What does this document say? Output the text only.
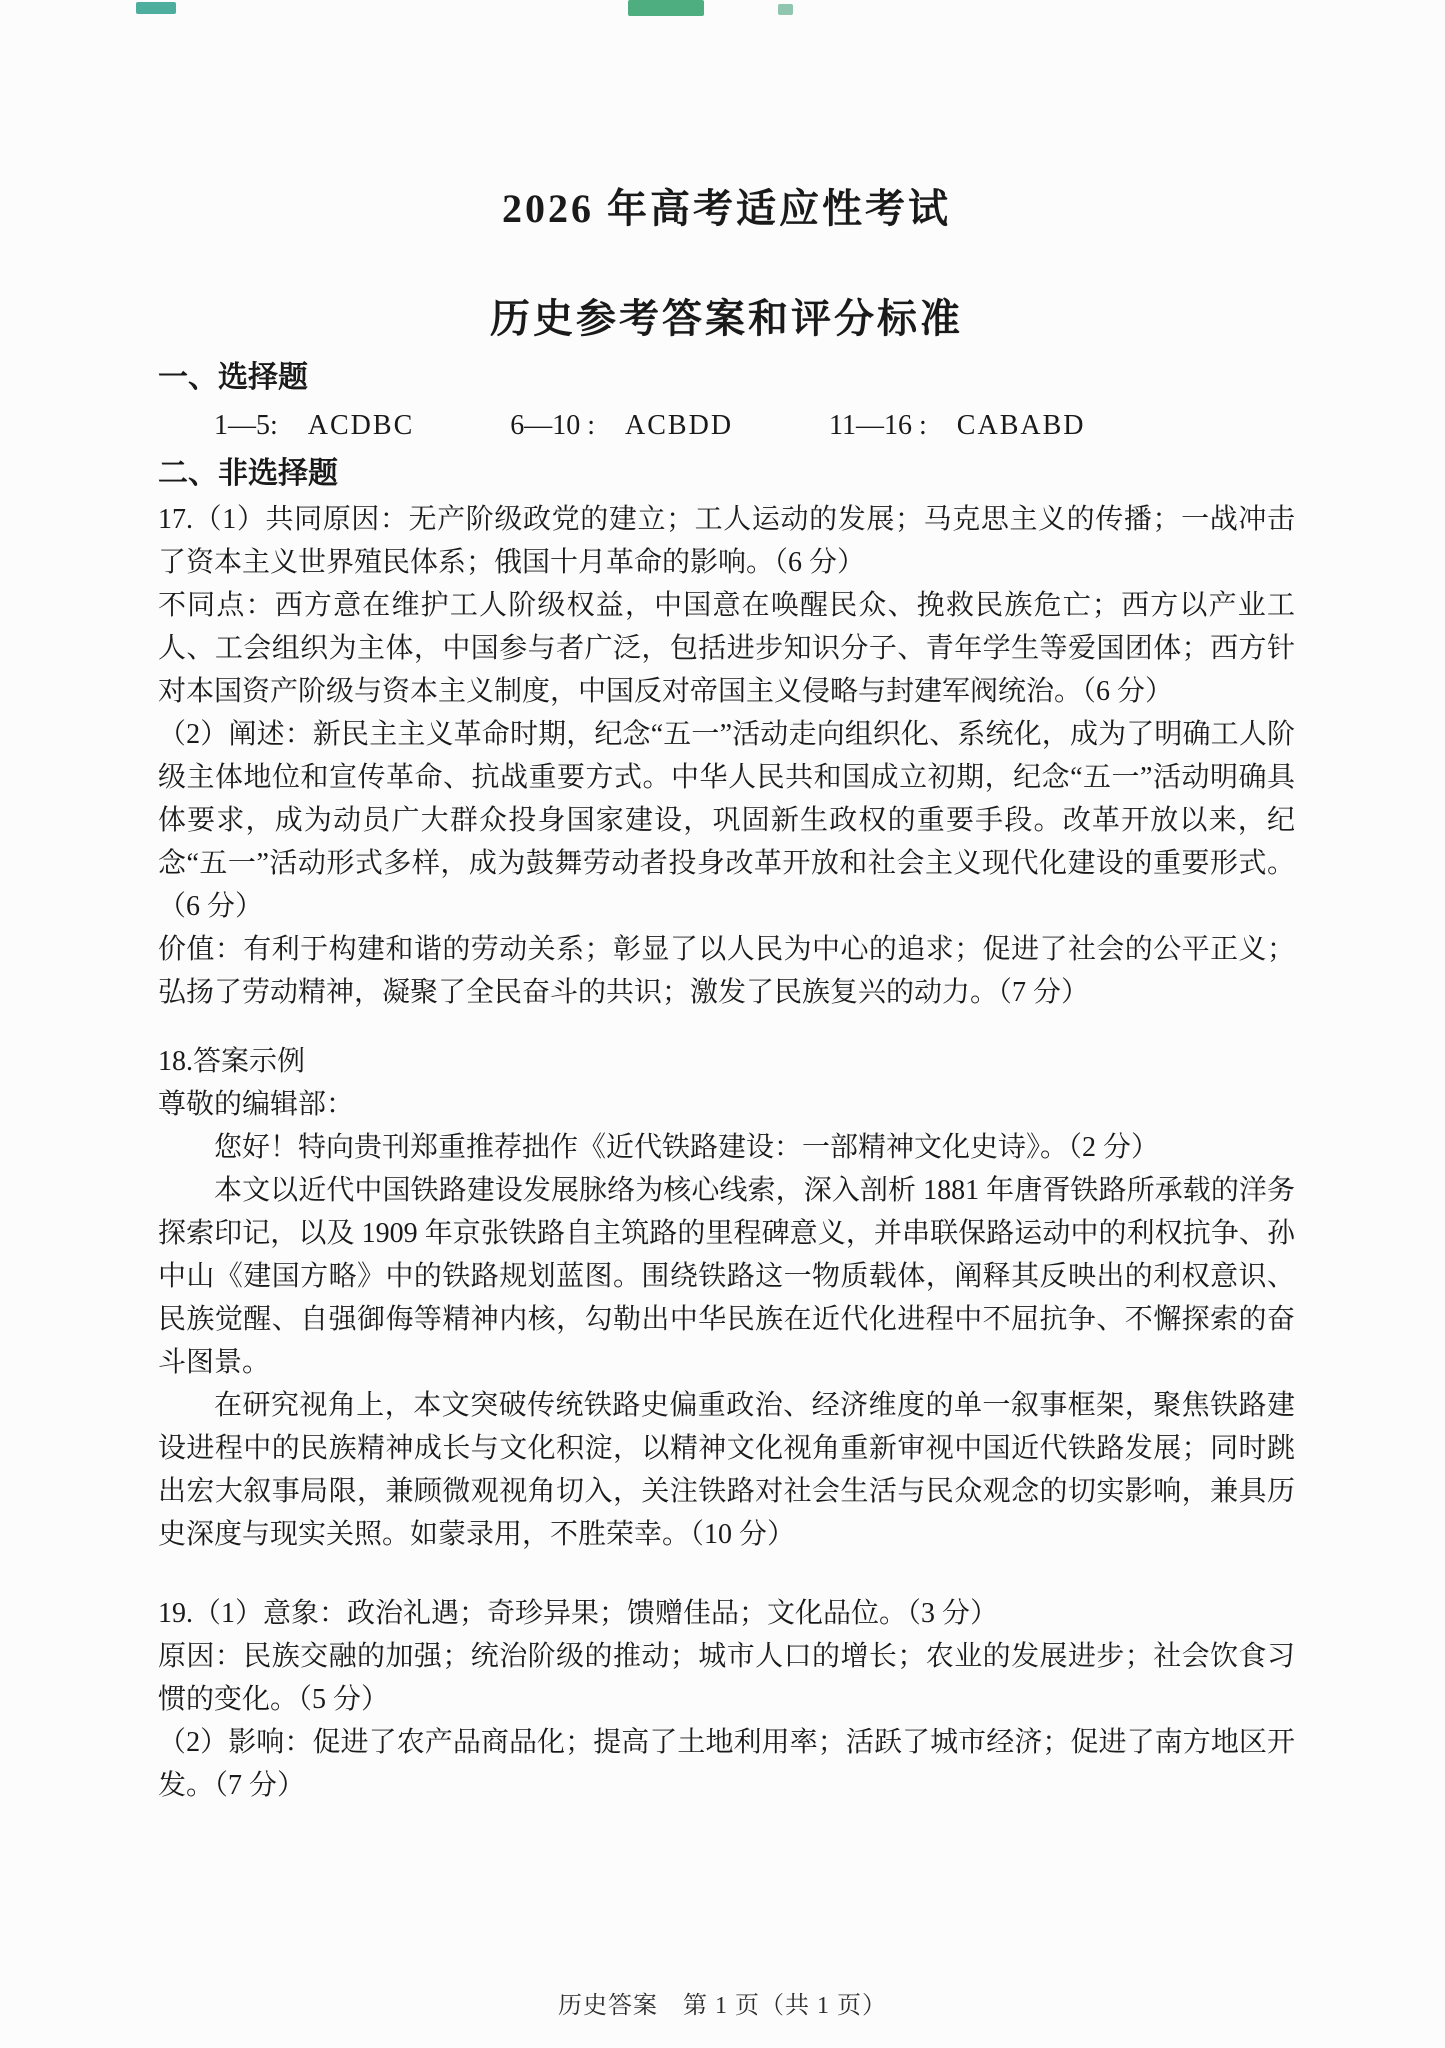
2026 年高考适应性考试
历史参考答案和评分标准
一、选择题
1—5: ACDBC	6—10 : ACBDD	11—16 : CABABD
二、非选择题

17.（1）共同原因：无产阶级政党的建立；工人运动的发展；马克思主义的传播；一战冲击了资本主义世界殖民体系；俄国十月革命的影响。（6 分）

不同点：西方意在维护工人阶级权益，中国意在唤醒民众、挽救民族危亡；西方以产业工人、工会组织为主体，中国参与者广泛，包括进步知识分子、青年学生等爱国团体；西方针对本国资产阶级与资本主义制度，中国反对帝国主义侵略与封建军阀统治。（6 分）

（2）阐述：新民主主义革命时期，纪念“五一”活动走向组织化、系统化，成为了明确工人阶级主体地位和宣传革命、抗战重要方式。中华人民共和国成立初期，纪念“五一”活动明确具体要求，成为动员广大群众投身国家建设，巩固新生政权的重要手段。改革开放以来，纪念“五一”活动形式多样，成为鼓舞劳动者投身改革开放和社会主义现代化建设的重要形式。（6 分）

价值：有利于构建和谐的劳动关系；彰显了以人民为中心的追求；促进了社会的公平正义；弘扬了劳动精神，凝聚了全民奋斗的共识；激发了民族复兴的动力。（7 分）

18.答案示例

尊敬的编辑部：

您好！特向贵刊郑重推荐拙作《近代铁路建设：一部精神文化史诗》。（2 分）

本文以近代中国铁路建设发展脉络为核心线索，深入剖析 1881 年唐胥铁路所承载的洋务探索印记，以及 1909 年京张铁路自主筑路的里程碑意义，并串联保路运动中的利权抗争、孙中山《建国方略》中的铁路规划蓝图。围绕铁路这一物质载体，阐释其反映出的利权意识、民族觉醒、自强御侮等精神内核，勾勒出中华民族在近代化进程中不屈抗争、不懈探索的奋斗图景。

在研究视角上，本文突破传统铁路史偏重政治、经济维度的单一叙事框架，聚焦铁路建设进程中的民族精神成长与文化积淀，以精神文化视角重新审视中国近代铁路发展；同时跳出宏大叙事局限，兼顾微观视角切入，关注铁路对社会生活与民众观念的切实影响，兼具历史深度与现实关照。如蒙录用，不胜荣幸。（10 分）

19.（1）意象：政治礼遇；奇珍异果；馈赠佳品；文化品位。（3 分）

原因：民族交融的加强；统治阶级的推动；城市人口的增长；农业的发展进步；社会饮食习惯的变化。（5 分）

（2）影响：促进了农产品商品化；提高了土地利用率；活跃了城市经济；促进了南方地区开发。（7 分）

历史答案　第 1 页（共 1 页）
